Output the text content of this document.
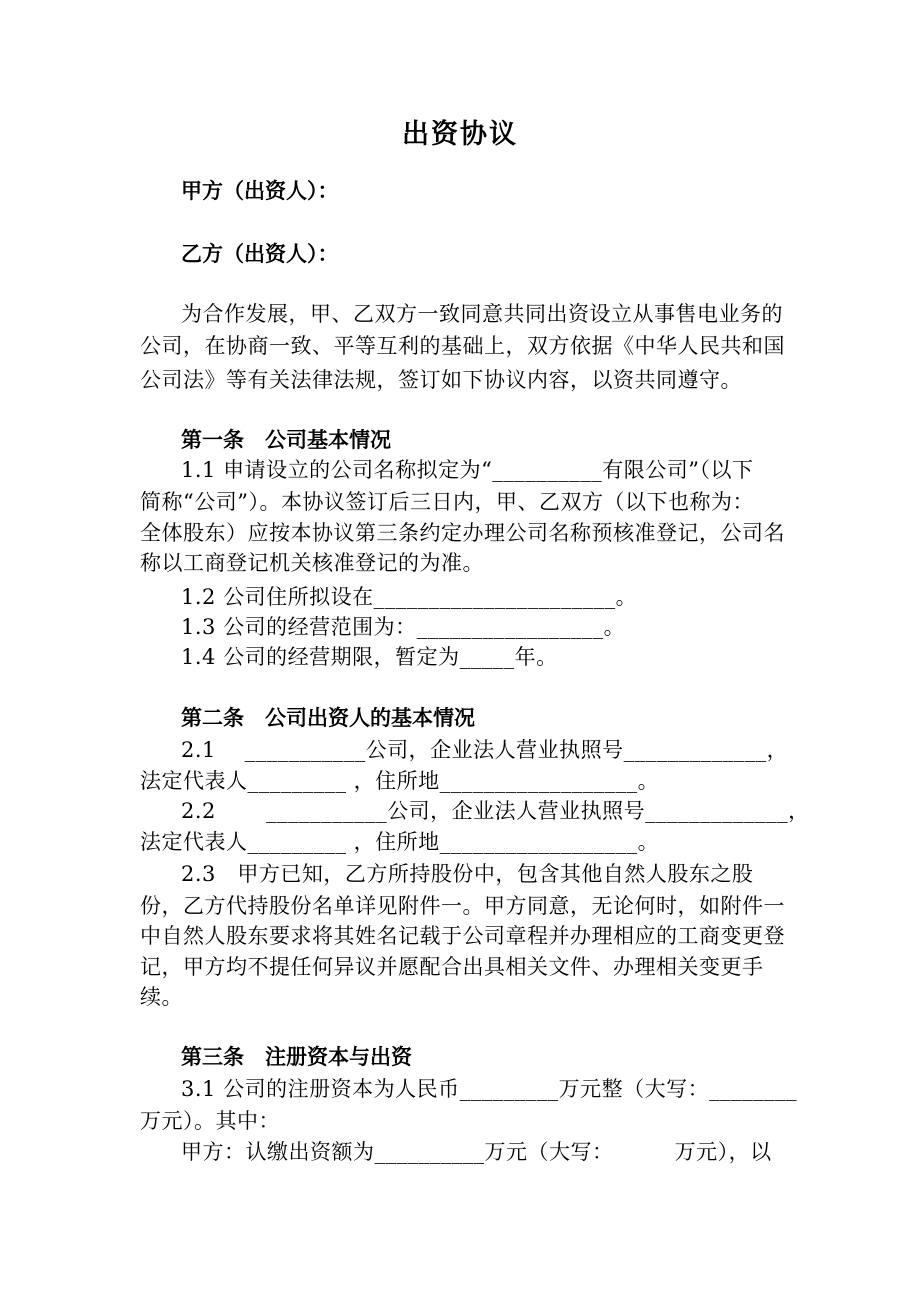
出资协议
甲方（出资人）：
乙方（出资人）：
为合作发展，甲、乙双方一致同意共同出资设立从事售电业务的
公司，在协商一致、平等互利的基础上，双方依据《中华人民共和国
公司法》等有关法律法规，签订如下协议内容，以资共同遵守。
第一条　公司基本情况
1.1 申请设立的公司名称拟定为“__________有限公司”（以下
简称“公司”）。本协议签订后三日内，甲、乙双方（以下也称为：
全体股东）应按本协议第三条约定办理公司名称预核准登记，公司名
称以工商登记机关核准登记的为准。
1.2 公司住所拟设在______________________。
1.3 公司的经营范围为：_________________。
1.4 公司的经营期限，暂定为_____年。
第二条　公司出资人的基本情况
2.1　 ___________公司，企业法人营业执照号_____________，
法定代表人_________ ，住所地__________________。
2.2　 　___________公司，企业法人营业执照号_____________，
法定代表人_________ ，住所地__________________。
2.3　甲方已知，乙方所持股份中，包含其他自然人股东之股
份，乙方代持股份名单详见附件一。甲方同意，无论何时，如附件一
中自然人股东要求将其姓名记载于公司章程并办理相应的工商变更登
记，甲方均不提任何异议并愿配合出具相关文件、办理相关变更手
续。
第三条　注册资本与出资
3.1 公司的注册资本为人民币_________万元整（大写：________
万元）。其中：
甲方：认缴出资额为__________万元（大写：　　　 万元），以
